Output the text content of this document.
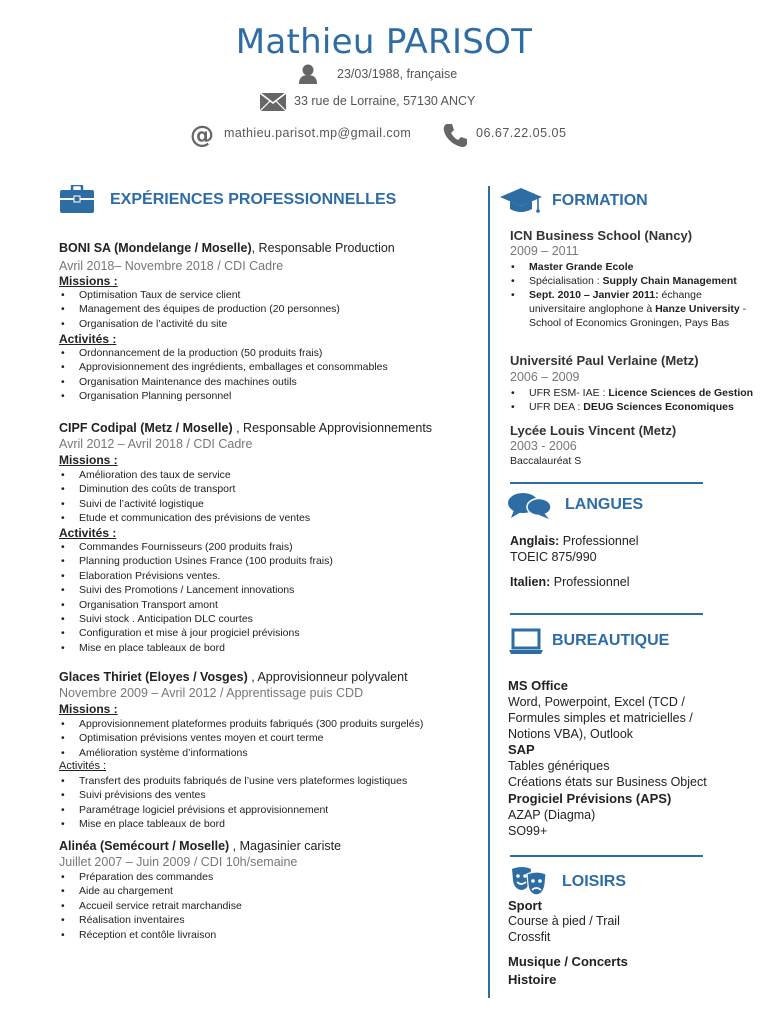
Mathieu PARISOT
23/03/1988, française
33 rue de Lorraine, 57130 ANCY
@ mathieu.parisot.mp@gmail.com	06.67.22.05.05
EXPÉRIENCES PROFESSIONNELLES
BONI SA (Mondelange / Moselle), Responsable Production
Avril 2018– Novembre 2018 / CDI Cadre
Missions :
• Optimisation Taux de service client
• Management des équipes de production (20 personnes)
• Organisation de l’activité du site
Activités :
• Ordonnancement de la production (50 produits frais)
• Approvisionnement des ingrédients, emballages et consommables
• Organisation Maintenance des machines outils
• Organisation Planning personnel
CIPF Codipal (Metz / Moselle) , Responsable Approvisionnements
Avril 2012 – Avril 2018 / CDI Cadre
Missions :
• Amélioration des taux de service
• Diminution des coûts de transport
• Suivi de l’activité logistique
• Etude et communication des prévisions de ventes
Activités :
• Commandes Fournisseurs (200 produits frais)
• Planning production Usines France (100 produits frais)
• Elaboration Prévisions ventes.
• Suivi des Promotions / Lancement innovations
• Organisation Transport amont
• Suivi stock . Anticipation DLC courtes
• Configuration et mise à jour progiciel prévisions
• Mise en place tableaux de bord
Glaces Thiriet (Eloyes / Vosges) , Approvisionneur polyvalent
Novembre 2009 – Avril 2012 / Apprentissage puis CDD
Missions :
• Approvisionnement plateformes produits fabriqués (300 produits surgelés)
• Optimisation prévisions ventes moyen et court terme
• Amélioration système d’informations
Activités :
• Transfert des produits fabriqués de l’usine vers plateformes logistiques
• Suivi prévisions des ventes
• Paramétrage logiciel prévisions et approvisionnement
• Mise en place tableaux de bord
Alinéa (Semécourt / Moselle) , Magasinier cariste
Juillet 2007 – Juin 2009 / CDI 10h/semaine
• Préparation des commandes
• Aide au chargement
• Accueil service retrait marchandise
• Réalisation inventaires
• Réception et contôle livraison
FORMATION
ICN Business School (Nancy)
2009 – 2011
• Master Grande Ecole
• Spécialisation : Supply Chain Management
• Sept. 2010 – Janvier 2011: échange universitaire anglophone à Hanze University - School of Economics Groningen, Pays Bas
Université Paul Verlaine (Metz)
2006 – 2009
• UFR ESM- IAE : Licence Sciences de Gestion
• UFR DEA : DEUG Sciences Economiques
Lycée Louis Vincent (Metz)
2003 - 2006
Baccalauréat S
LANGUES
Anglais: Professionnel
TOEIC 875/990
Italien: Professionnel
BUREAUTIQUE
MS Office
Word, Powerpoint, Excel (TCD /
Formules simples et matricielles /
Notions VBA), Outlook
SAP
Tables génériques
Créations états sur Business Object
Progiciel Prévisions (APS)
AZAP (Diagma)
SO99+
LOISIRS
Sport
Course à pied / Trail
Crossfit
Musique / Concerts
Histoire
